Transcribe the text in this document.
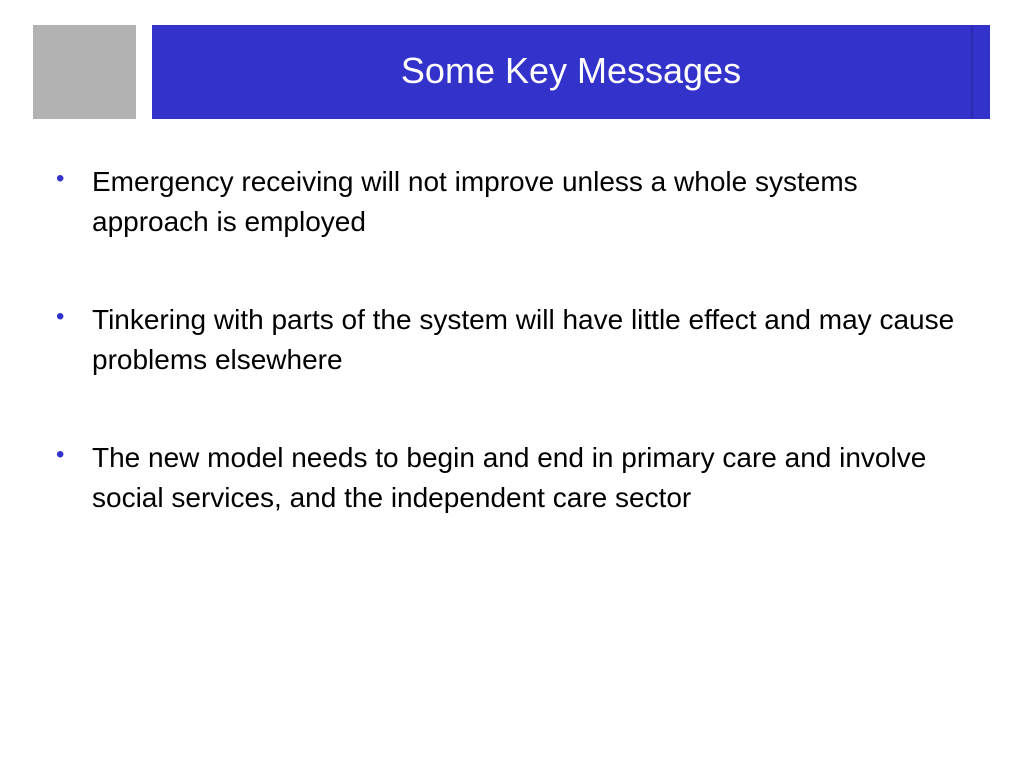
Some Key Messages
• Emergency receiving will not improve unless a whole systems approach is employed
• Tinkering with parts of the system will have little effect and may cause problems elsewhere
• The new model needs to begin and end in primary care and involve social services, and the independent care sector
